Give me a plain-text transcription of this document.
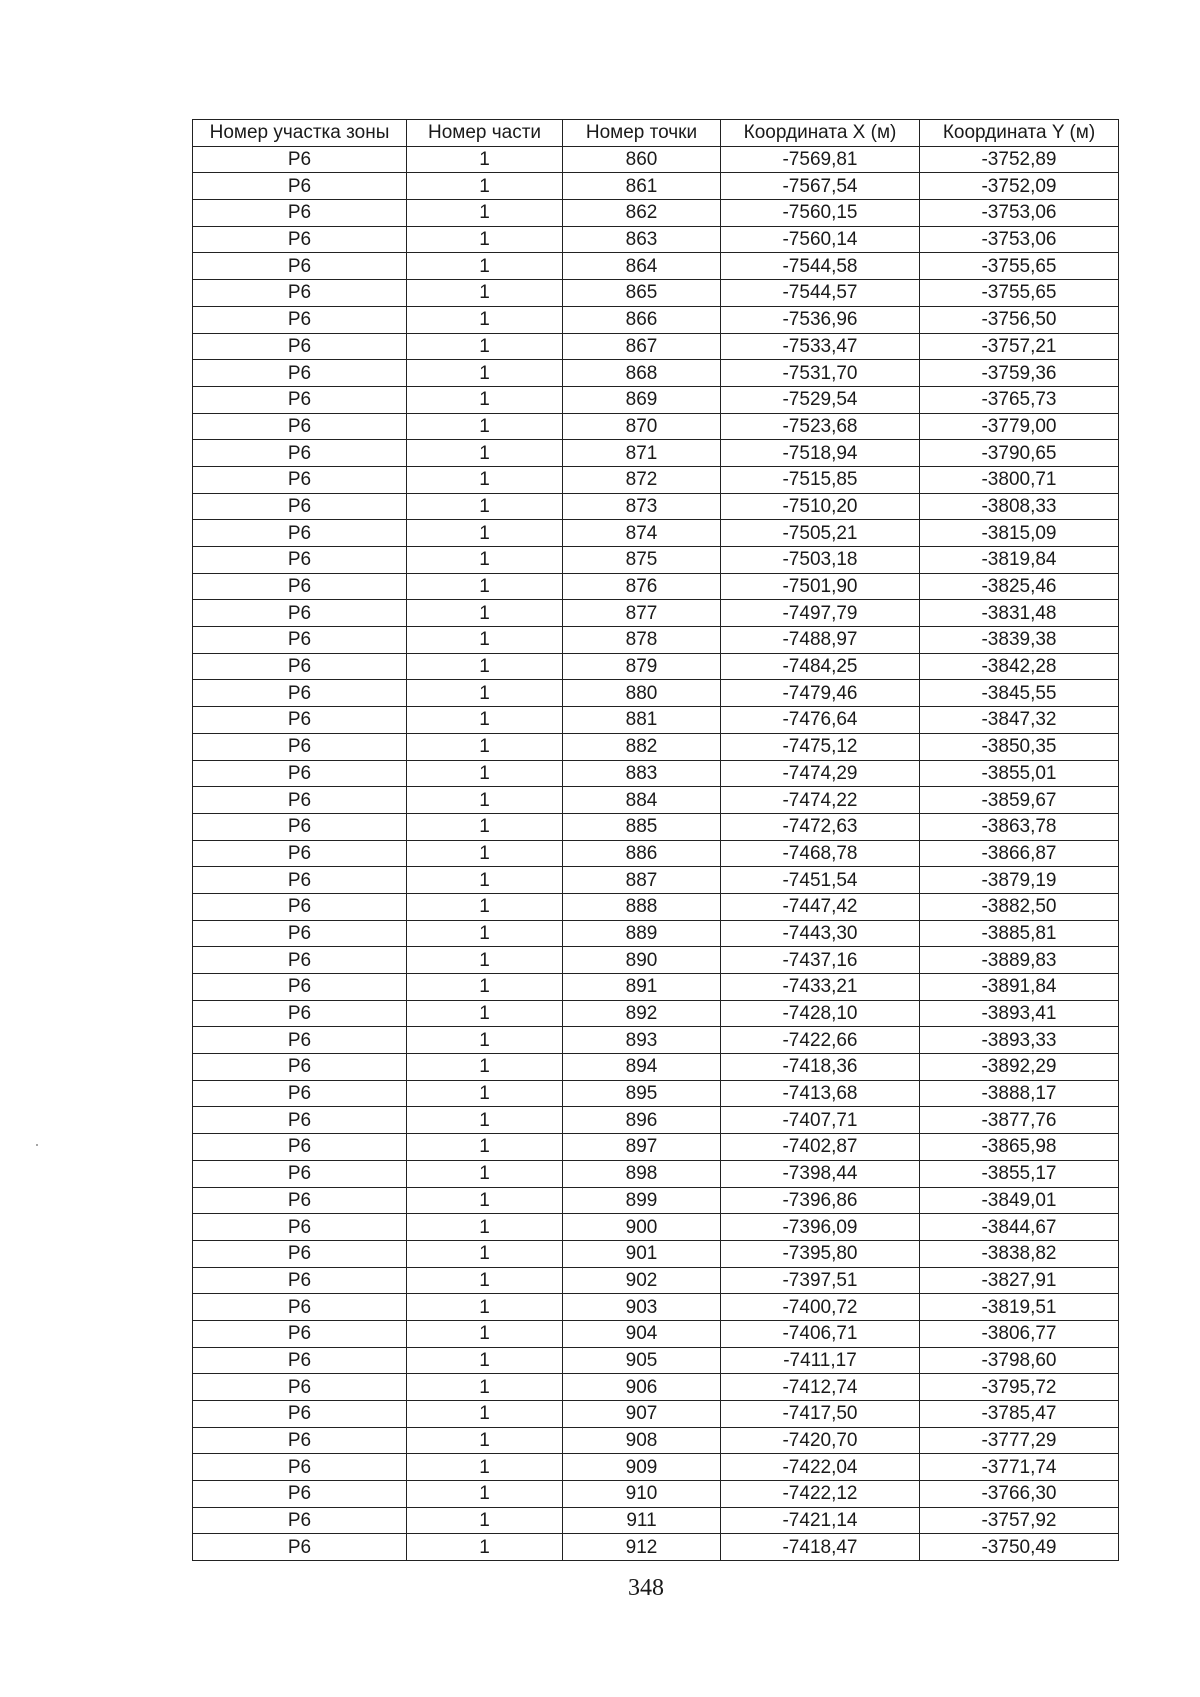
Номер участка зоны	Номер части	Номер точки	Координата X (м)	Координата Y (м)
Р6	1	860	-7569,81	-3752,89
Р6	1	861	-7567,54	-3752,09
Р6	1	862	-7560,15	-3753,06
Р6	1	863	-7560,14	-3753,06
Р6	1	864	-7544,58	-3755,65
Р6	1	865	-7544,57	-3755,65
Р6	1	866	-7536,96	-3756,50
Р6	1	867	-7533,47	-3757,21
Р6	1	868	-7531,70	-3759,36
Р6	1	869	-7529,54	-3765,73
Р6	1	870	-7523,68	-3779,00
Р6	1	871	-7518,94	-3790,65
Р6	1	872	-7515,85	-3800,71
Р6	1	873	-7510,20	-3808,33
Р6	1	874	-7505,21	-3815,09
Р6	1	875	-7503,18	-3819,84
Р6	1	876	-7501,90	-3825,46
Р6	1	877	-7497,79	-3831,48
Р6	1	878	-7488,97	-3839,38
Р6	1	879	-7484,25	-3842,28
Р6	1	880	-7479,46	-3845,55
Р6	1	881	-7476,64	-3847,32
Р6	1	882	-7475,12	-3850,35
Р6	1	883	-7474,29	-3855,01
Р6	1	884	-7474,22	-3859,67
Р6	1	885	-7472,63	-3863,78
Р6	1	886	-7468,78	-3866,87
Р6	1	887	-7451,54	-3879,19
Р6	1	888	-7447,42	-3882,50
Р6	1	889	-7443,30	-3885,81
Р6	1	890	-7437,16	-3889,83
Р6	1	891	-7433,21	-3891,84
Р6	1	892	-7428,10	-3893,41
Р6	1	893	-7422,66	-3893,33
Р6	1	894	-7418,36	-3892,29
Р6	1	895	-7413,68	-3888,17
Р6	1	896	-7407,71	-3877,76
Р6	1	897	-7402,87	-3865,98
Р6	1	898	-7398,44	-3855,17
Р6	1	899	-7396,86	-3849,01
Р6	1	900	-7396,09	-3844,67
Р6	1	901	-7395,80	-3838,82
Р6	1	902	-7397,51	-3827,91
Р6	1	903	-7400,72	-3819,51
Р6	1	904	-7406,71	-3806,77
Р6	1	905	-7411,17	-3798,60
Р6	1	906	-7412,74	-3795,72
Р6	1	907	-7417,50	-3785,47
Р6	1	908	-7420,70	-3777,29
Р6	1	909	-7422,04	-3771,74
Р6	1	910	-7422,12	-3766,30
Р6	1	911	-7421,14	-3757,92
Р6	1	912	-7418,47	-3750,49
348
